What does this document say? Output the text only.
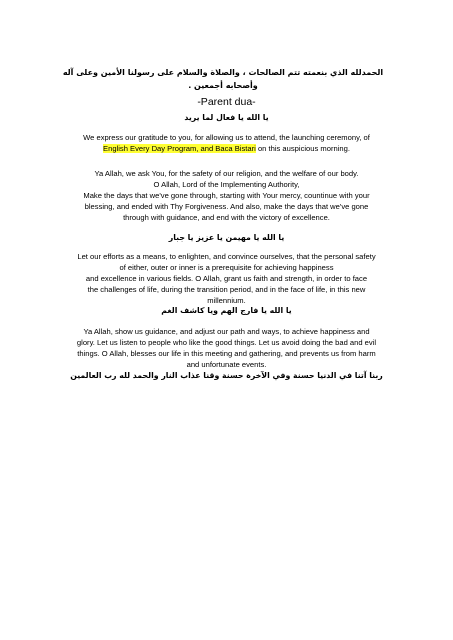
الحمدلله الذي بنعمته تتم الصالحات ، والصلاة والسلام على رسولنا الأمين وعلى آله وأصحابه أجمعين .
-Parent dua-
يا الله يا فعال لما يريد
We express our gratitude to you, for allowing us to attend, the launching ceremony, of
English Every Day Program, and Baca Bistari on this auspicious morning.
Ya Allah, we ask You, for the safety of our religion, and the welfare of our body.
O Allah, Lord of the Implementing Authority,
Make the days that we've gone through, starting with Your mercy, countinue with your
blessing, and ended with Thy Forgiveness. And also, make the days that we've gone
through with guidance, and end with the victory of excellence.
يا الله يا مهيمن يا عزيز يا جبار
Let our efforts as a means, to enlighten, and convince ourselves, that the personal safety
of either, outer or inner is a prerequisite for achieving happiness
and excellence in various fields. O Allah, grant us faith and strength, in order to face
the challenges of life, during the transition period, and in the face of life, in this new
millennium.
يا الله يا فارج الهم ويا كاشف الغم
Ya Allah, show us guidance, and adjust our path and ways, to achieve happiness and
glory. Let us listen to people who like the good things. Let us avoid doing the bad and evil
things. O Allah, blesses our life in this meeting and gathering, and prevents us from harm
and unfortunate events.
ربنا آتنا في الدنيا حسنة وفي الآخرة حسنة وقنا عذاب النار والحمد لله رب العالمين
